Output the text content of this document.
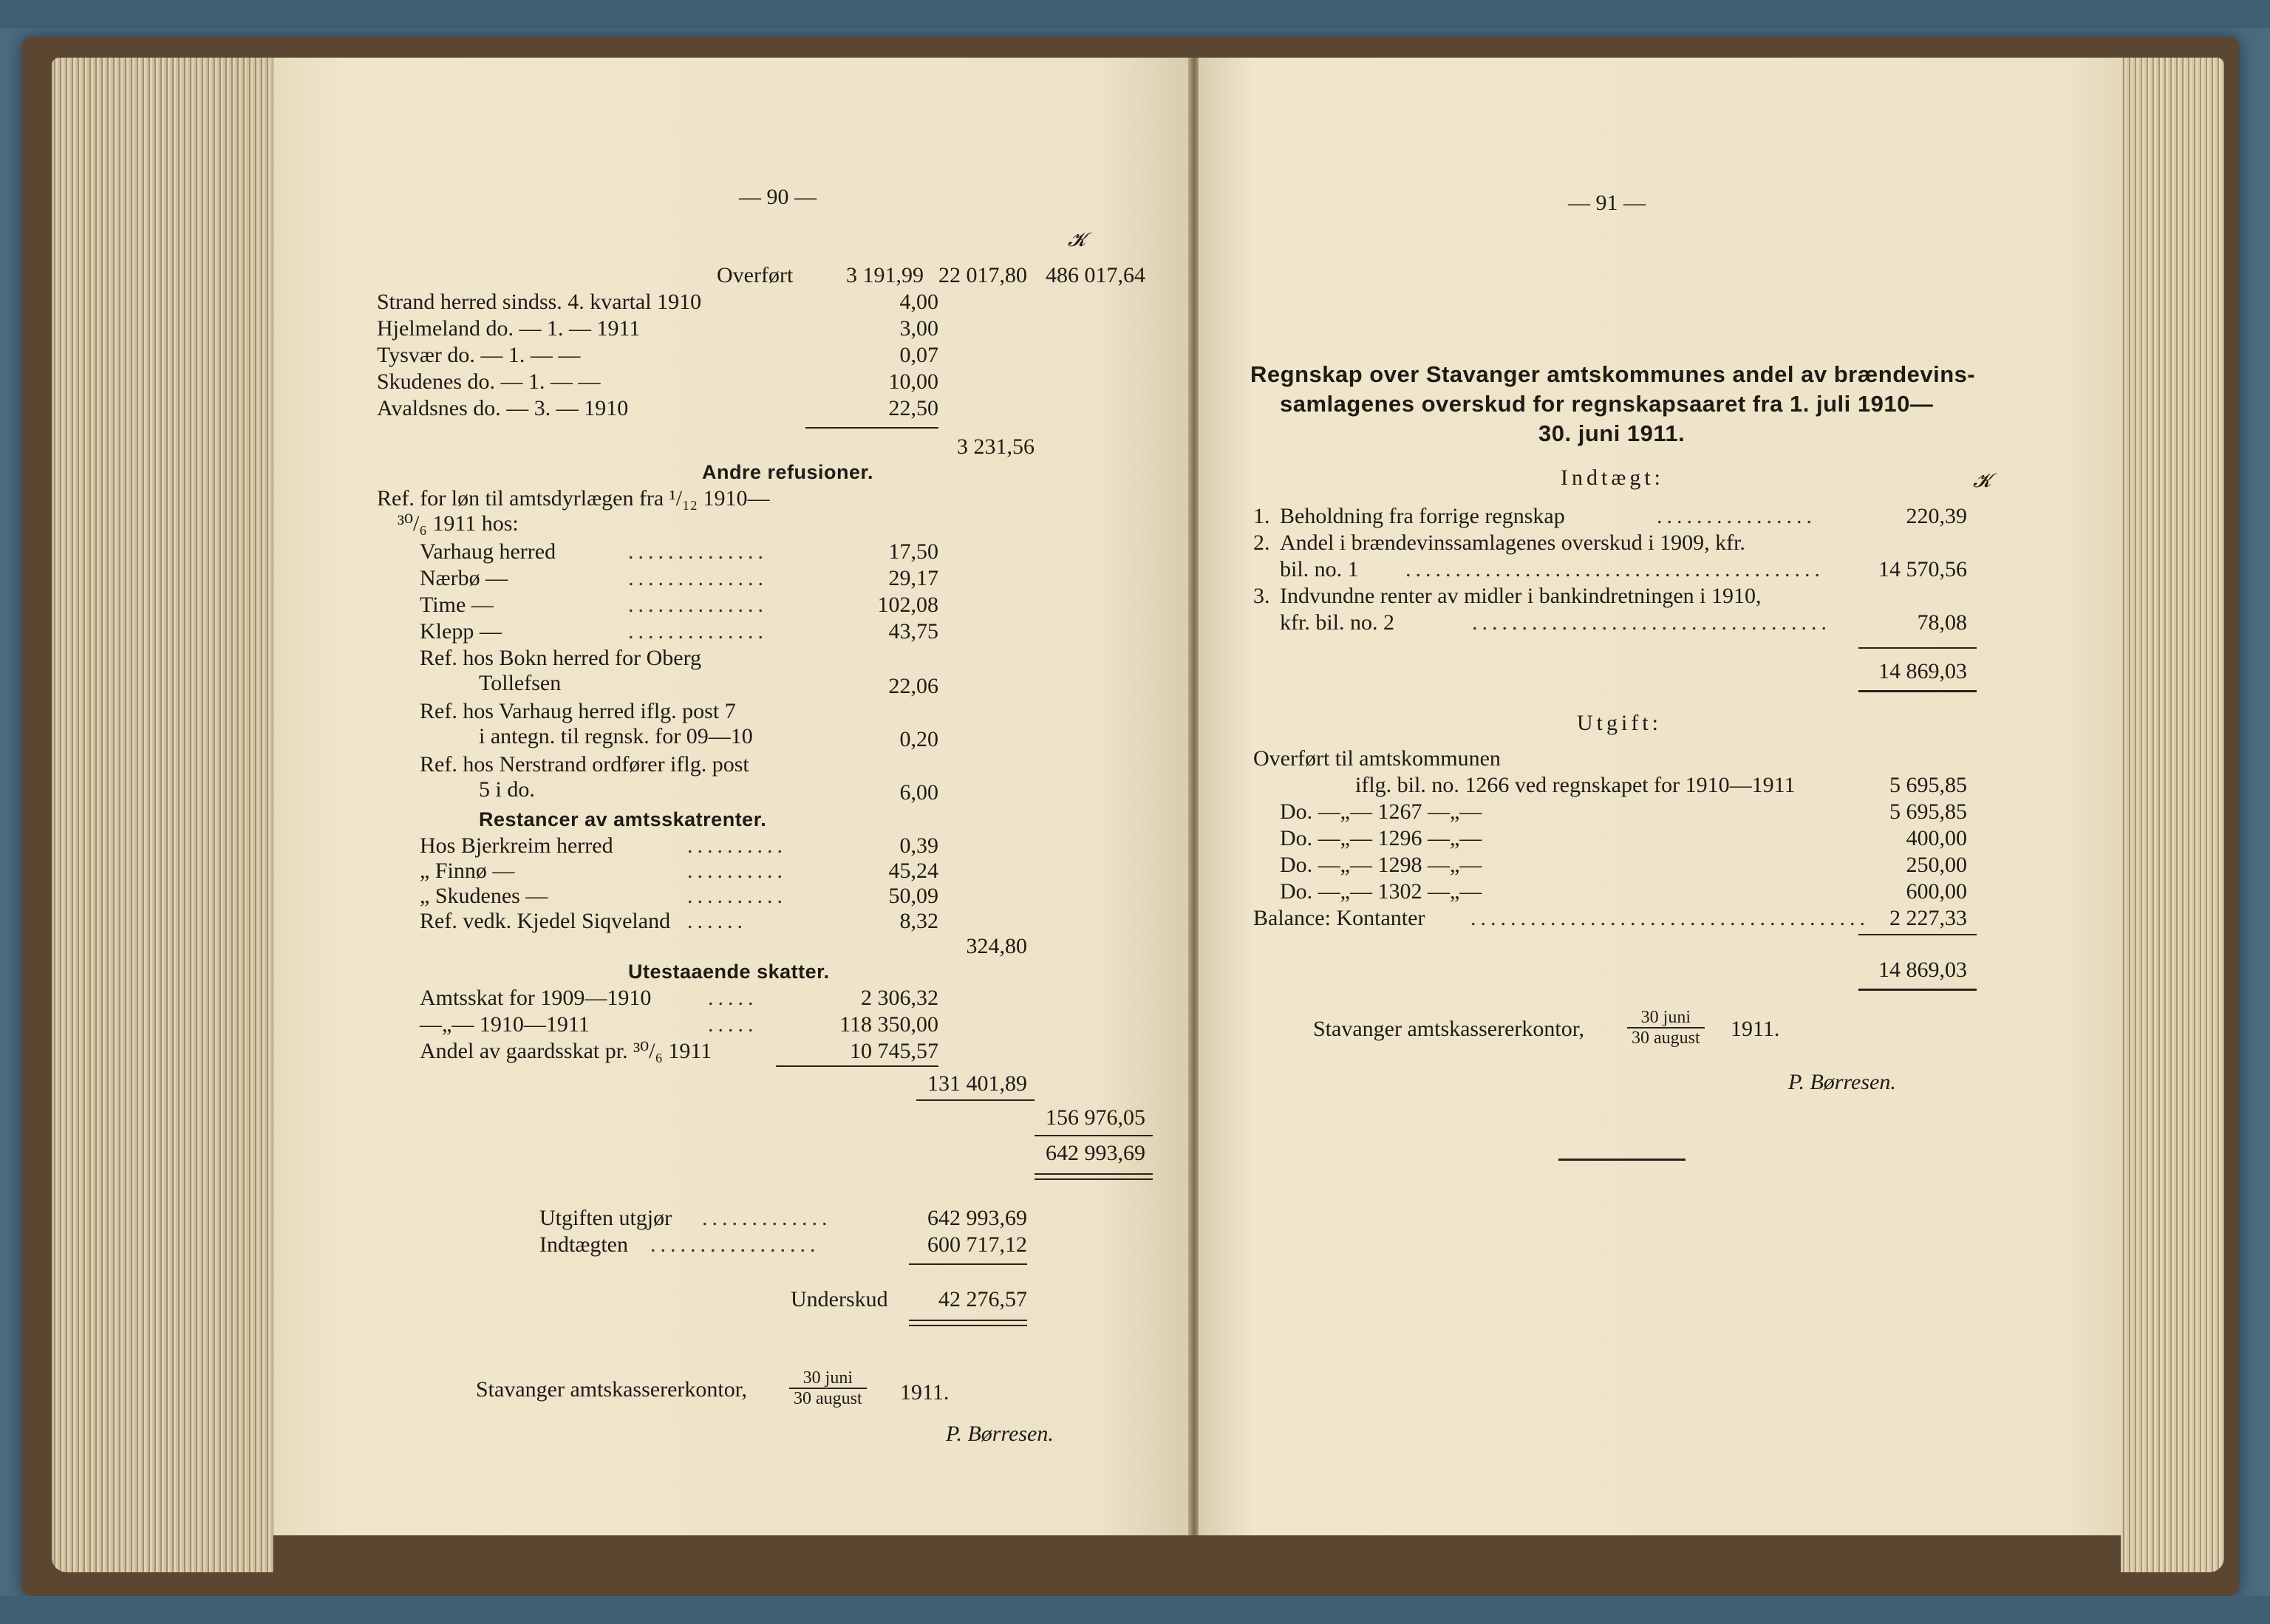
— 90 —
𝓚
Overført	3 191,99 22 017,80 486 017,64
Strand herred sindss. 4. kvartal 1910	4,00
Hjelmeland do. — 1. — 1911	3,00
Tysvær do. — 1. — —	0,07
Skudenes do. — 1. — —	10,00
Avaldsnes do. — 3. — 1910	22,50
3 231,56
Andre refusioner.
Ref. for løn til amtsdyrlægen fra ¹/₁₂ 1910—
³⁰/₆ 1911 hos:
Varhaug herred	..............	17,50
Nærbø —	..............	29,17
Time —	..............	102,08
Klepp —	..............	43,75
Ref. hos Bokn herred for Oberg
Tollefsen	22,06
Ref. hos Varhaug herred iflg. post 7
i antegn. til regnsk. for 09—10	0,20
Ref. hos Nerstrand ordfører iflg. post
5 i do.	6,00
Restancer av amtsskatrenter.
Hos Bjerkreim herred	..........	0,39
„ Finnø —	..........	45,24
„ Skudenes —	..........	50,09
Ref. vedk. Kjedel Siqveland ......	8,32
324,80
Utestaaende skatter.
Amtsskat for 1909—1910	.....	2 306,32
—„— 1910—1911	.....	118 350,00
Andel av gaardsskat pr. ³⁰/₆ 1911	10 745,57
131 401,89
156 976,05
642 993,69
Utgiften utgjør .............	642 993,69
Indtægten .................	600 717,12
Underskud	42 276,57
Stavanger amtskassererkontor,	30 juni
30 august 1911.
P. Børresen.
— 91 —
Regnskap over Stavanger amtskommunes andel av brændevins-
samlagenes overskud for regnskapsaaret fra 1. juli 1910—
30. juni 1911.
Indtægt:	𝓚
1. Beholdning fra forrige regnskap	................	220,39
2. Andel i brændevinssamlagenes overskud i 1909, kfr.
bil. no. 1 ..........................................	14 570,56
3. Indvundne renter av midler i bankindretningen i 1910,
kfr. bil. no. 2	....................................	78,08
14 869,03
Utgift:
Overført til amtskommunen
iflg. bil. no. 1266 ved regnskapet for 1910—1911	5 695,85
Do. —„— 1267 —„—	5 695,85
Do. —„— 1296 —„—	400,00
Do. —„— 1298 —„—	250,00
Do. —„— 1302 —„—	600,00
Balance: Kontanter ........................................ 2 227,33
14 869,03
Stavanger amtskassererkontor,	30 juni
30 august 1911.
P. Børresen.
